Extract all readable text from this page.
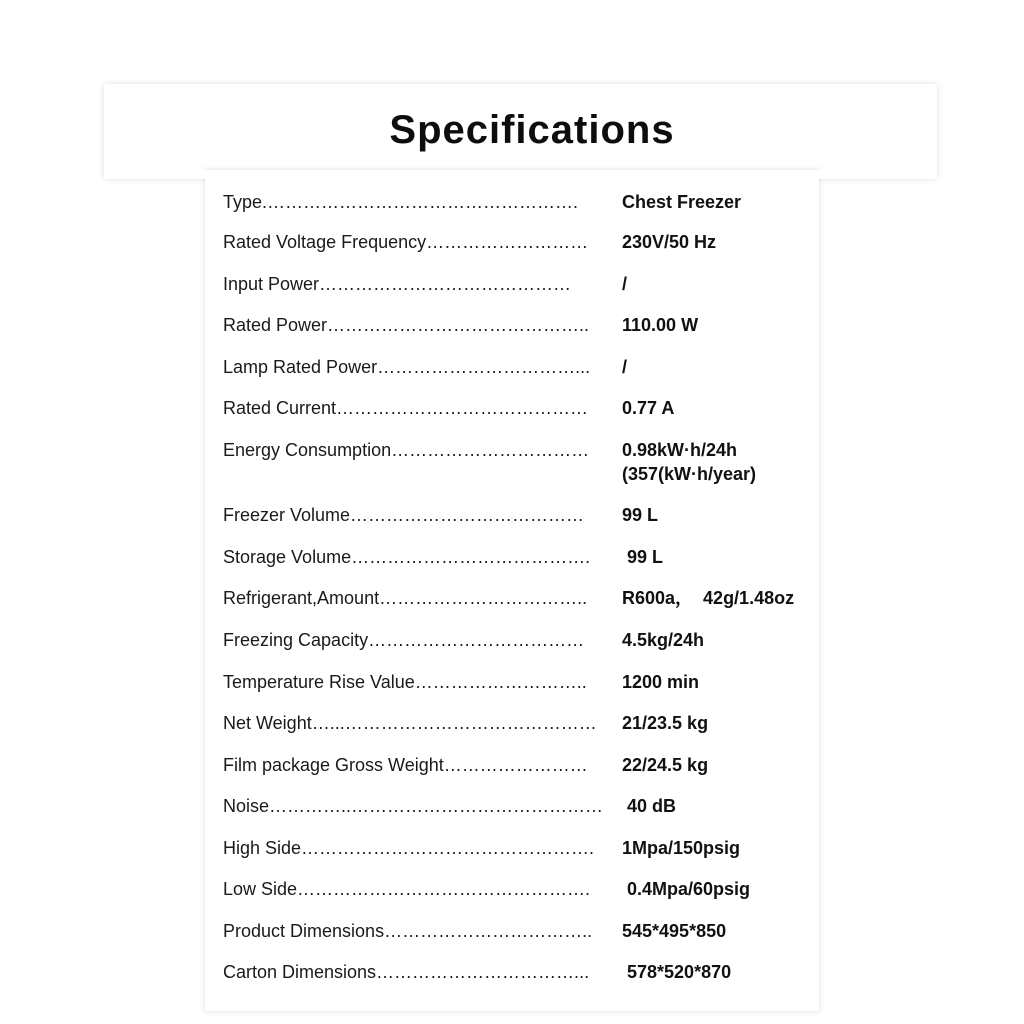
Specifications
Type.…………………………………………….	Chest Freezer
Rated Voltage Frequency………………………	230V/50 Hz
Input Power……………………………………	/
Rated Power……………………………………..	110.00 W
Lamp Rated Power……………………………...	/
Rated Current……………………………………	0.77 A
Energy Consumption……………………………	0.98kW·h/24h
(357(kW·h/year)
Freezer Volume…………………………………	99 L
Storage Volume………………………………….	99 L
Refrigerant,Amount……………………………..	R600a，  42g/1.48oz
Freezing Capacity………………………………	4.5kg/24h
Temperature Rise Value………………………..	1200 min
Net Weight…...……………………………………	21/23.5 kg
Film package Gross Weight……………………	22/24.5 kg
Noise…………..……………………………………	40 dB
High Side………………………………………….	1Mpa/150psig
Low Side………………………………………….	0.4Mpa/60psig
Product Dimensions……………………………..	545*495*850
Carton Dimensions……………………………...	578*520*870
